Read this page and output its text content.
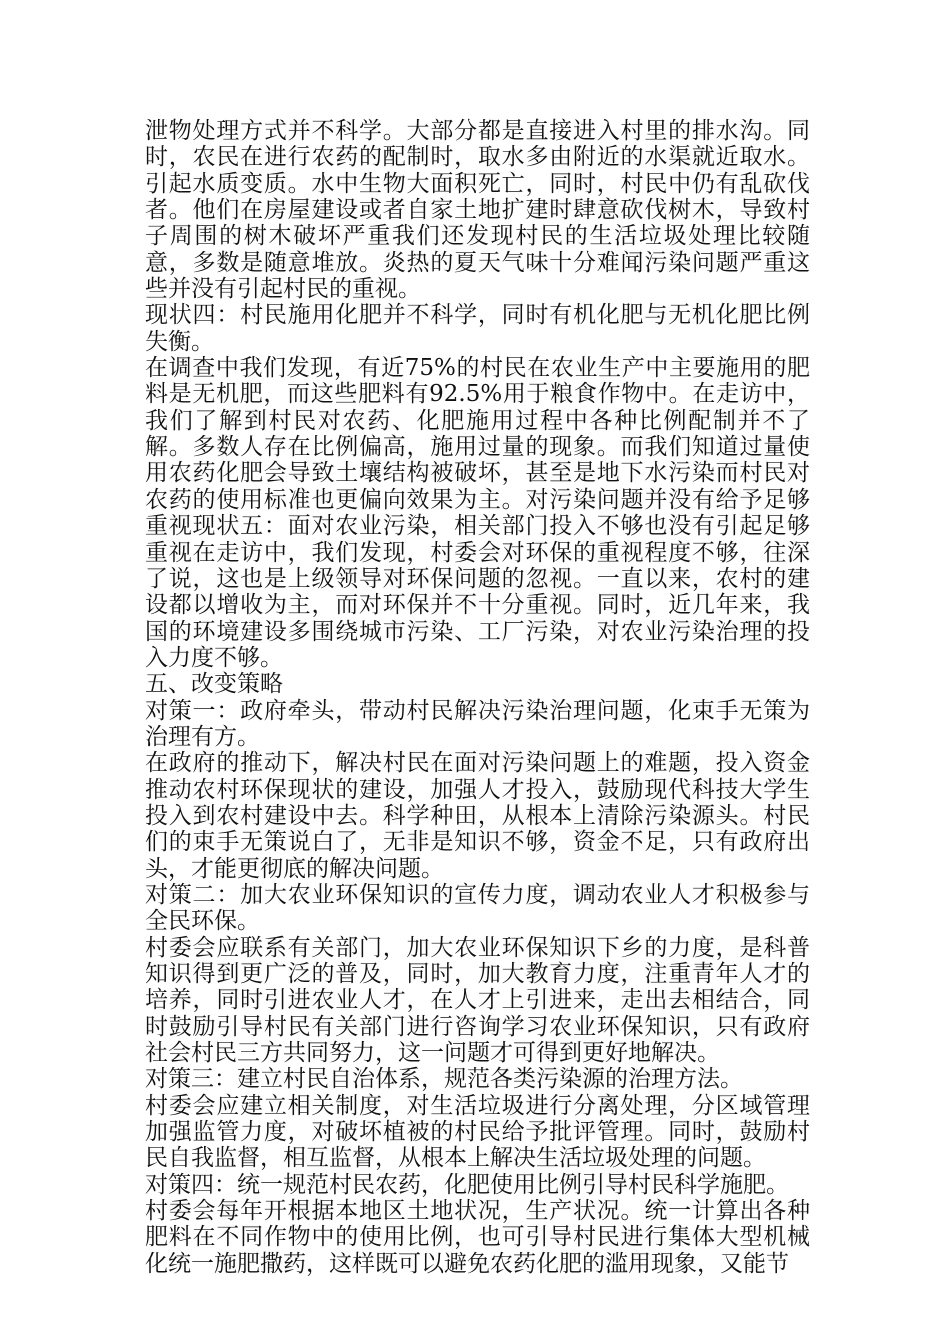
泄物处理方式并不科学。大部分都是直接进入村里的排水沟。同时，农民在进行农药的配制时，取水多由附近的水渠就近取水。引起水质变质。水中生物大面积死亡，同时，村民中仍有乱砍伐者。他们在房屋建设或者自家土地扩建时肆意砍伐树木，导致村子周围的树木破坏严重我们还发现村民的生活垃圾处理比较随意，多数是随意堆放。炎热的夏天气味十分难闻污染问题严重这些并没有引起村民的重视。

现状四：村民施用化肥并不科学，同时有机化肥与无机化肥比例失衡。

在调查中我们发现，有近75%的村民在农业生产中主要施用的肥料是无机肥，而这些肥料有92.5%用于粮食作物中。在走访中，我们了解到村民对农药、化肥施用过程中各种比例配制并不了解。多数人存在比例偏高，施用过量的现象。而我们知道过量使用农药化肥会导致土壤结构被破坏，甚至是地下水污染而村民对农药的使用标准也更偏向效果为主。对污染问题并没有给予足够重视现状五：面对农业污染，相关部门投入不够也没有引起足够重视在走访中，我们发现，村委会对环保的重视程度不够，往深了说，这也是上级领导对环保问题的忽视。一直以来，农村的建设都以增收为主，而对环保并不十分重视。同时，近几年来，我国的环境建设多围绕城市污染、工厂污染，对农业污染治理的投入力度不够。

五、改变策略

对策一：政府牵头，带动村民解决污染治理问题，化束手无策为治理有方。

在政府的推动下，解决村民在面对污染问题上的难题，投入资金推动农村环保现状的建设，加强人才投入，鼓励现代科技大学生投入到农村建设中去。科学种田，从根本上清除污染源头。村民们的束手无策说白了，无非是知识不够，资金不足，只有政府出头，才能更彻底的解决问题。

对策二：加大农业环保知识的宣传力度，调动农业人才积极参与全民环保。

村委会应联系有关部门，加大农业环保知识下乡的力度，是科普知识得到更广泛的普及，同时，加大教育力度，注重青年人才的培养，同时引进农业人才，在人才上引进来，走出去相结合，同时鼓励引导村民有关部门进行咨询学习农业环保知识，只有政府社会村民三方共同努力，这一问题才可得到更好地解决。

对策三：建立村民自治体系，规范各类污染源的治理方法。

村委会应建立相关制度，对生活垃圾进行分离处理，分区域管理加强监管力度，对破坏植被的村民给予批评管理。同时，鼓励村民自我监督，相互监督，从根本上解决生活垃圾处理的问题。

对策四：统一规范村民农药，化肥使用比例引导村民科学施肥。

村委会每年开根据本地区土地状况，生产状况。统一计算出各种肥料在不同作物中的使用比例，也可引导村民进行集体大型机械化统一施肥撒药，这样既可以避免农药化肥的滥用现象，又能节
